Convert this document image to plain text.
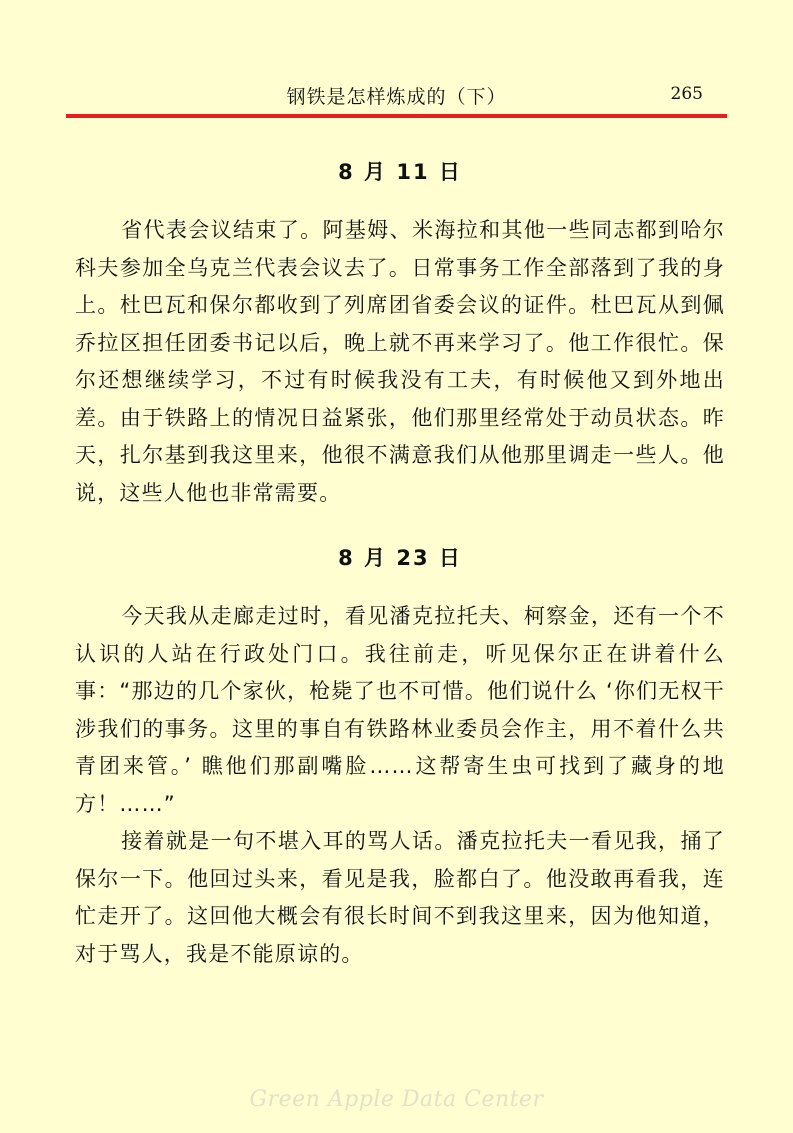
钢铁是怎样炼成的（下）	265
8 月 11 日

省代表会议结束了。阿基姆、米海拉和其他一些同志都到哈尔科夫参加全乌克兰代表会议去了。日常事务工作全部落到了我的身上。杜巴瓦和保尔都收到了列席团省委会议的证件。杜巴瓦从到佩乔拉区担任团委书记以后，晚上就不再来学习了。他工作很忙。保尔还想继续学习，不过有时候我没有工夫，有时候他又到外地出差。由于铁路上的情况日益紧张，他们那里经常处于动员状态。昨天，扎尔基到我这里来，他很不满意我们从他那里调走一些人。他说，这些人他也非常需要。

8 月 23 日

今天我从走廊走过时，看见潘克拉托夫、柯察金，还有一个不认识的人站在行政处门口。我往前走，听见保尔正在讲着什么事：“那边的几个家伙，枪毙了也不可惜。他们说什么 ‘你们无权干涉我们的事务。这里的事自有铁路林业委员会作主，用不着什么共青团来管。’ 瞧他们那副嘴脸……这帮寄生虫可找到了藏身的地方！……”

接着就是一句不堪入耳的骂人话。潘克拉托夫一看见我，捅了保尔一下。他回过头来，看见是我，脸都白了。他没敢再看我，连忙走开了。这回他大概会有很长时间不到我这里来，因为他知道，对于骂人，我是不能原谅的。

Green Apple Data Center
